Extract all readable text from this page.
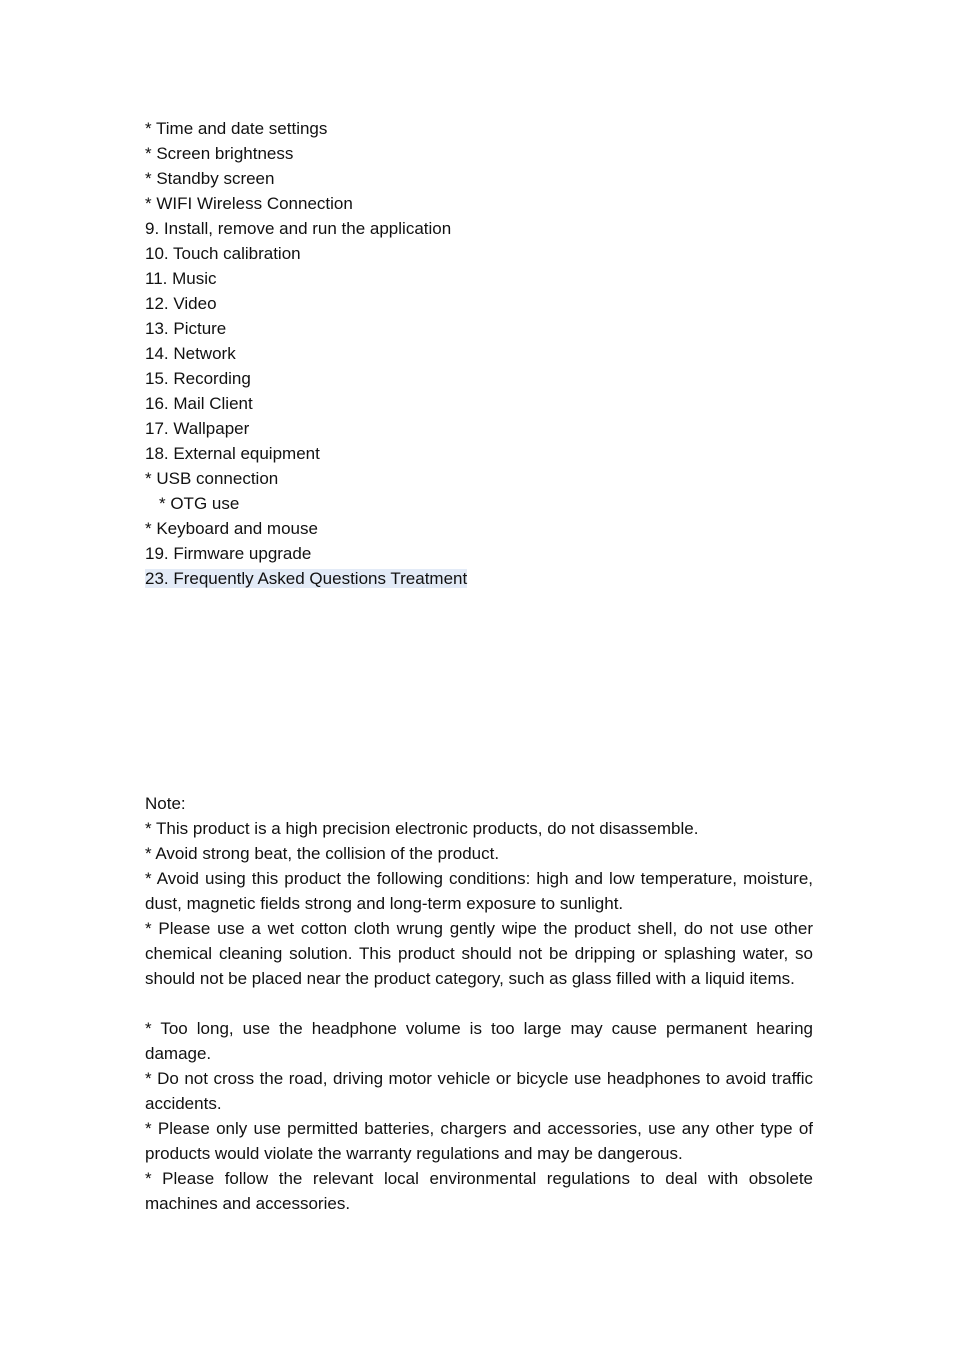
* Time and date settings
* Screen brightness
* Standby screen
* WIFI Wireless Connection
9. Install, remove and run the application
10. Touch calibration
11. Music
12. Video
13. Picture
14. Network
15. Recording
16. Mail Client
17. Wallpaper
18. External equipment
* USB connection
* OTG use
* Keyboard and mouse
19. Firmware upgrade
23. Frequently Asked Questions Treatment
Note:

* This product is a high precision electronic products, do not disassemble.

* Avoid strong beat, the collision of the product.

* Avoid using this product the following conditions: high and low temperature, moisture, dust, magnetic fields strong and long-term exposure to sunlight.

* Please use a wet cotton cloth wrung gently wipe the product shell, do not use other chemical cleaning solution. This product should not be dripping or splashing water, so should not be placed near the product category, such as glass filled with a liquid items.

* Too long, use the headphone volume is too large may cause permanent hearing damage.

* Do not cross the road, driving motor vehicle or bicycle use headphones to avoid traffic accidents.

* Please only use permitted batteries, chargers and accessories, use any other type of products would violate the warranty regulations and may be dangerous.

* Please follow the relevant local environmental regulations to deal with obsolete machines and accessories.
